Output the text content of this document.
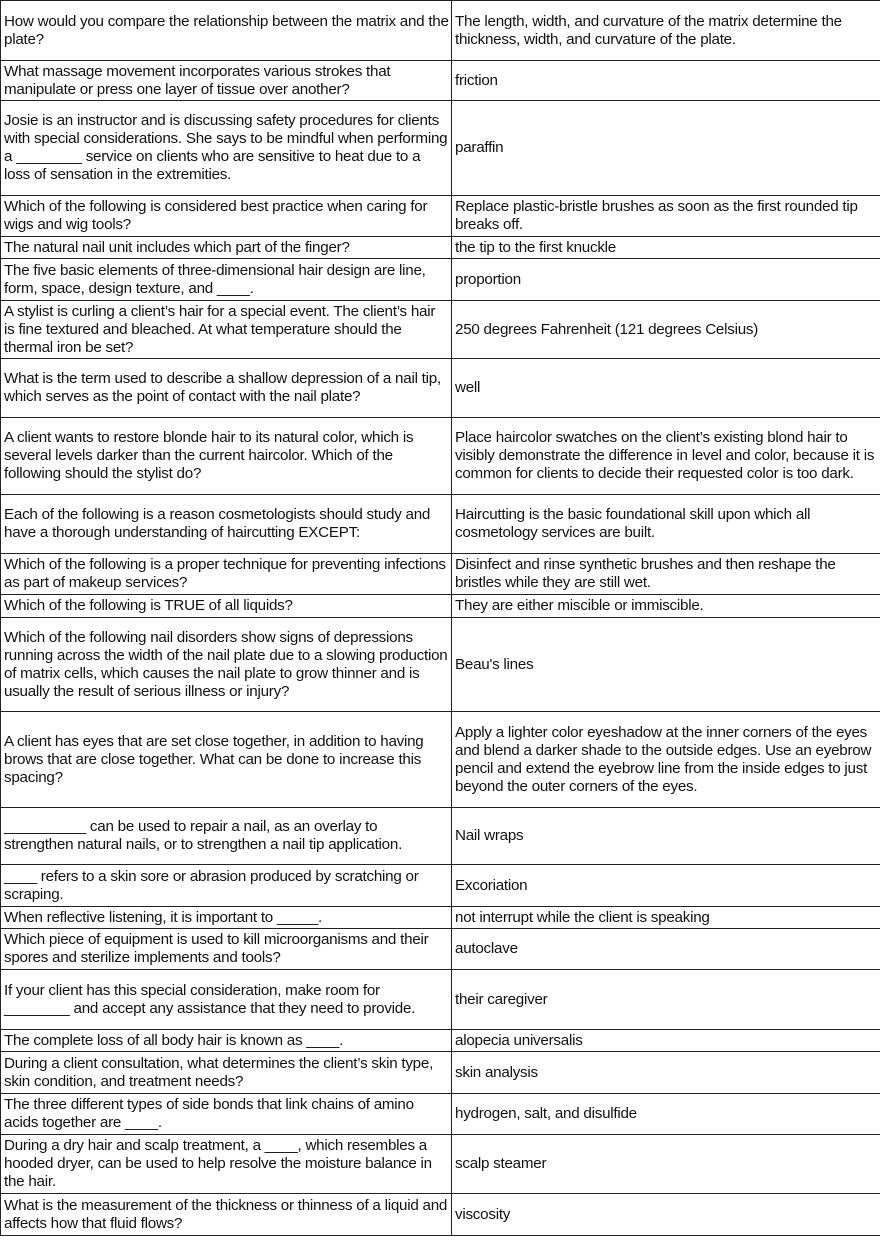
How would you compare the relationship between the matrix and the plate?	The length, width, and curvature of the matrix determine the thickness, width, and curvature of the plate.
What massage movement incorporates various strokes that manipulate or press one layer of tissue over another?	friction
Josie is an instructor and is discussing safety procedures for clients with special considerations. She says to be mindful when performing a ________ service on clients who are sensitive to heat due to a loss of sensation in the extremities.	paraffin
Which of the following is considered best practice when caring for wigs and wig tools?	Replace plastic-bristle brushes as soon as the first rounded tip breaks off.
The natural nail unit includes which part of the finger?	the tip to the first knuckle
The five basic elements of three-dimensional hair design are line, form, space, design texture, and ____.	proportion
A stylist is curling a client’s hair for a special event. The client’s hair is fine textured and bleached. At what temperature should the thermal iron be set?	250 degrees Fahrenheit (121 degrees Celsius)
What is the term used to describe a shallow depression of a nail tip, which serves as the point of contact with the nail plate?	well
A client wants to restore blonde hair to its natural color, which is several levels darker than the current haircolor. Which of the following should the stylist do?	Place haircolor swatches on the client’s existing blond hair to visibly demonstrate the difference in level and color, because it is common for clients to decide their requested color is too dark.
Each of the following is a reason cosmetologists should study and have a thorough understanding of haircutting EXCEPT:	Haircutting is the basic foundational skill upon which all cosmetology services are built.
Which of the following is a proper technique for preventing infections as part of makeup services?	Disinfect and rinse synthetic brushes and then reshape the bristles while they are still wet.
Which of the following is TRUE of all liquids?	They are either miscible or immiscible.
Which of the following nail disorders show signs of depressions running across the width of the nail plate due to a slowing production of matrix cells, which causes the nail plate to grow thinner and is usually the result of serious illness or injury?	Beau's lines
A client has eyes that are set close together, in addition to having brows that are close together. What can be done to increase this spacing?	Apply a lighter color eyeshadow at the inner corners of the eyes and blend a darker shade to the outside edges. Use an eyebrow pencil and extend the eyebrow line from the inside edges to just beyond the outer corners of the eyes.
__________ can be used to repair a nail, as an overlay to strengthen natural nails, or to strengthen a nail tip application.	Nail wraps
____ refers to a skin sore or abrasion produced by scratching or scraping.	Excoriation
When reflective listening, it is important to _____.	not interrupt while the client is speaking
Which piece of equipment is used to kill microorganisms and their spores and sterilize implements and tools?	autoclave
If your client has this special consideration, make room for ________ and accept any assistance that they need to provide.	their caregiver
The complete loss of all body hair is known as ____.	alopecia universalis
During a client consultation, what determines the client’s skin type, skin condition, and treatment needs?	skin analysis
The three different types of side bonds that link chains of amino acids together are ____.	hydrogen, salt, and disulfide
During a dry hair and scalp treatment, a ____, which resembles a hooded dryer, can be used to help resolve the moisture balance in the hair.	scalp steamer
What is the measurement of the thickness or thinness of a liquid and affects how that fluid flows?	viscosity
